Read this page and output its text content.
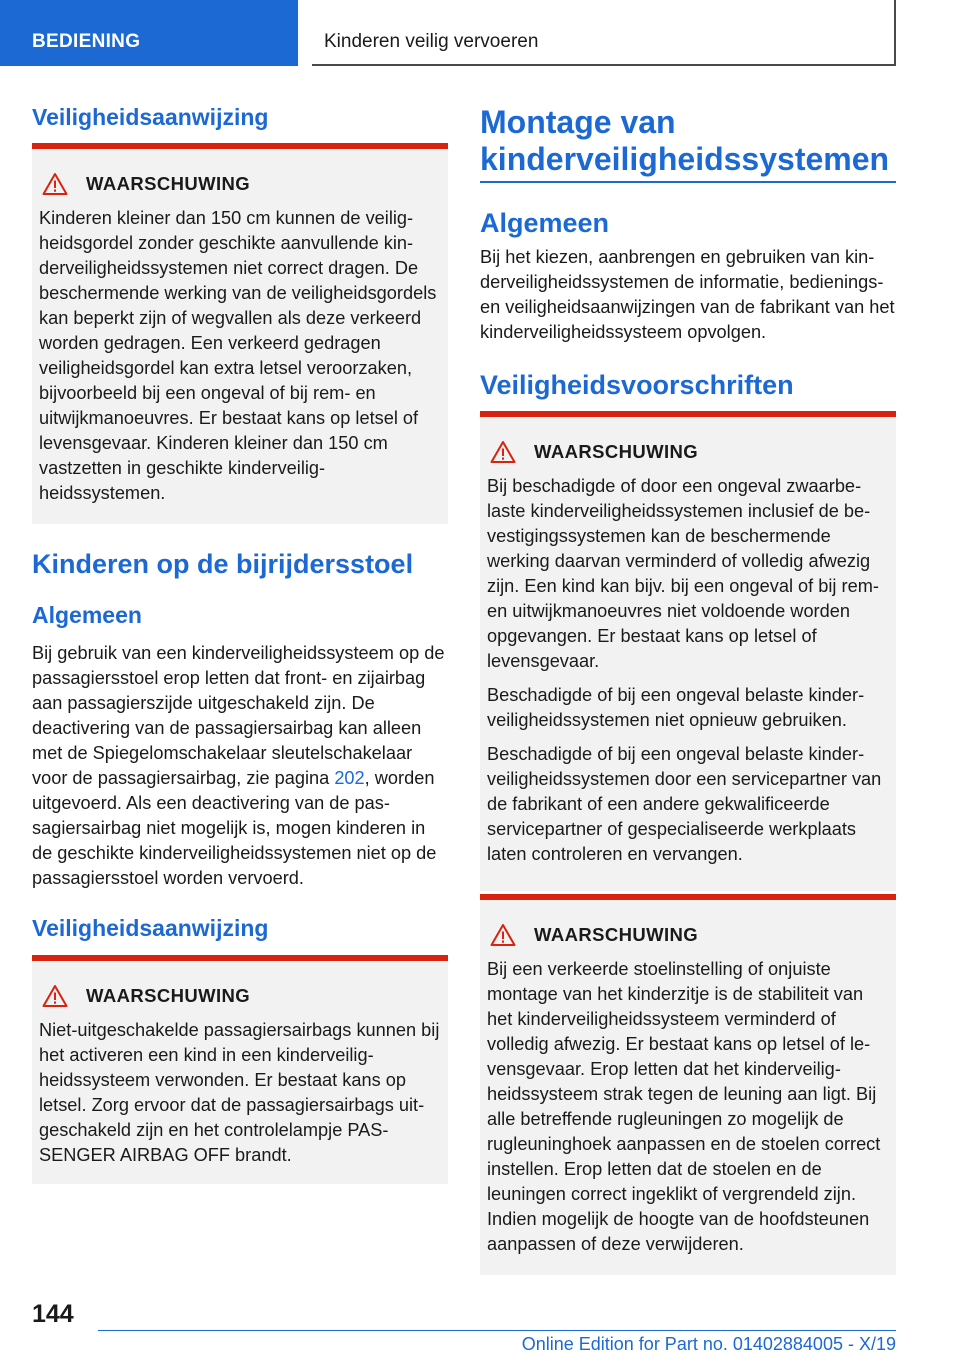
BEDIENING	Kinderen veilig vervoeren
Veiligheidsaanwijzing
WAARSCHUWING

Kinderen kleiner dan 150 cm kunnen de veiligheidsgordel zonder geschikte aanvullende kinderveiligheidssystemen niet correct dragen. De beschermende werking van de veiligheidsgordels kan beperkt zijn of wegvallen als deze verkeerd worden gedragen. Een verkeerd gedragen veiligheidsgordel kan extra letsel veroorzaken, bijvoorbeeld bij een ongeval of bij rem- en uitwijkmanoeuvres. Er bestaat kans op letsel of levensgevaar. Kinderen kleiner dan 150 cm vastzetten in geschikte kinderveiligheidssystemen.

Kinderen op de bijrijdersstoel
Algemeen
Bij gebruik van een kinderveiligheidssysteem op de passagiersstoel erop letten dat front- en zijairbag aan passagierszijde uitgeschakeld zijn. De deactivering van de passagiersairbag kan alleen met de Spiegelomschakelaar sleutelschakelaar voor de passagiersairbag, zie pagina 202, worden uitgevoerd. Als een deactivering van de passagiersairbag niet mogelijk is, mogen kinderen in de geschikte kinderveiligheidssystemen niet op de passagiersstoel worden vervoerd.
Veiligheidsaanwijzing
WAARSCHUWING

Niet-uitgeschakelde passagiersairbags kunnen bij het activeren een kind in een kinderveiligheidssysteem verwonden. Er bestaat kans op letsel. Zorg ervoor dat de passagiersairbags uitgeschakeld zijn en het controlelampje PASSENGER AIRBAG OFF brandt.

Montage van kinderveiligheidssystemen
Algemeen
Bij het kiezen, aanbrengen en gebruiken van kinderveiligheidssystemen de informatie, bedienings- en veiligheidsaanwijzingen van de fabrikant van het kinderveiligheidssysteem opvolgen.
Veiligheidsvoorschriften
WAARSCHUWING

Bij beschadigde of door een ongeval zwaarbelaste kinderveiligheidssystemen inclusief de bevestigingssystemen kan de beschermende werking daarvan verminderd of volledig afwezig zijn. Een kind kan bijv. bij een ongeval of bij rem- en uitwijkmanoeuvres niet voldoende worden opgevangen. Er bestaat kans op letsel of levensgevaar.

Beschadigde of bij een ongeval belaste kinderveiligheidssystemen niet opnieuw gebruiken.

Beschadigde of bij een ongeval belaste kinderveiligheidssystemen door een servicepartner van de fabrikant of een andere gekwalificeerde servicepartner of gespecialiseerde werkplaats laten controleren en vervangen.

WAARSCHUWING

Bij een verkeerde stoelinstelling of onjuiste montage van het kinderzitje is de stabiliteit van het kinderveiligheidssysteem verminderd of volledig afwezig. Er bestaat kans op letsel of levensgevaar. Erop letten dat het kinderveiligheidssysteem strak tegen de leuning aan ligt. Bij alle betreffende rugleuningen zo mogelijk de rugleuninghoek aanpassen en de stoelen correct instellen. Erop letten dat de stoelen en de leuningen correct ingeklikt of vergrendeld zijn. Indien mogelijk de hoogte van de hoofdsteunen aanpassen of deze verwijderen.

144
Online Edition for Part no. 01402884005 - X/19
